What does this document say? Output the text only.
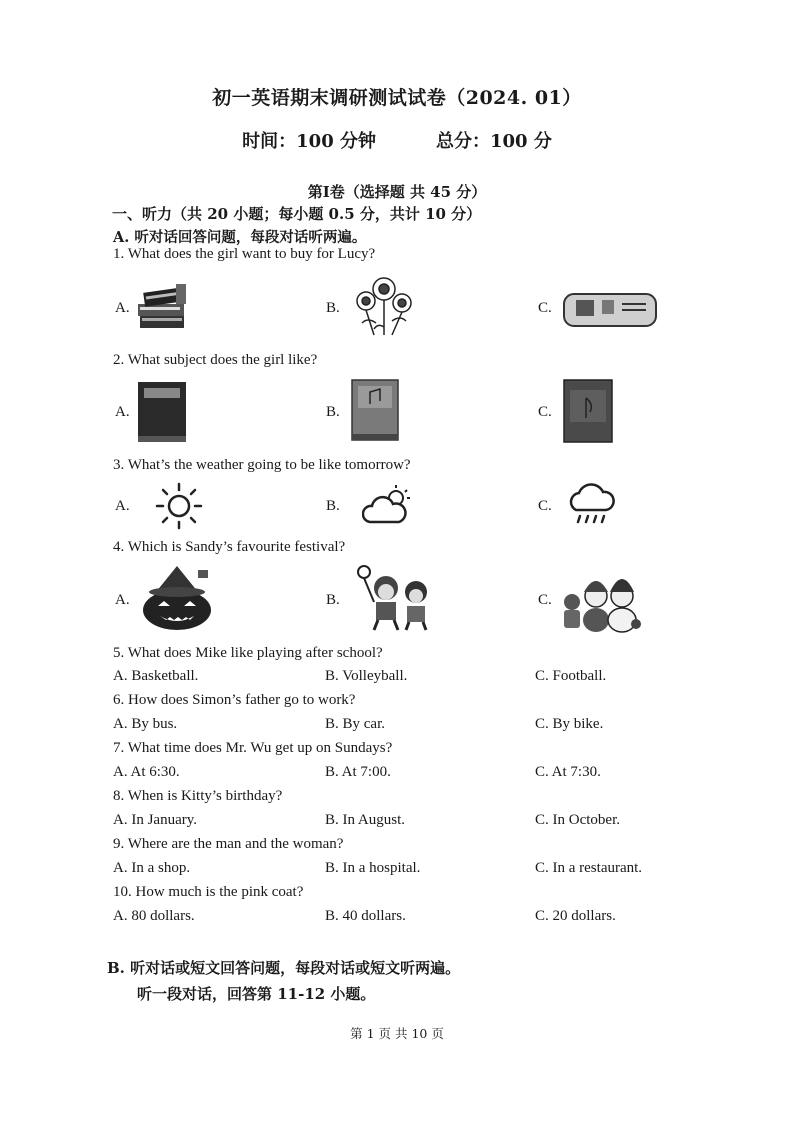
初一英语期末调研测试试卷（2024. 01）
时间：100 分钟	总分：100 分
第Ⅰ卷（选择题 共 45 分）
一、听力（共 20 小题；每小题 0.5 分，共计 10 分）
A. 听对话回答问题，每段对话听两遍。
1. What does the girl want to buy for Lucy?
A.	B.	C.
2. What subject does the girl like?
A.	B.	C.
3. What’s the weather going to be like tomorrow?
A.	B.	C.
4. Which is Sandy’s favourite festival?
A.	B.	C.
5. What does Mike like playing after school?
A. Basketball.	B. Volleyball.	C. Football.
6. How does Simon’s father go to work?
A. By bus.	B. By car.	C. By bike.
7. What time does Mr. Wu get up on Sundays?
A. At 6:30.	B. At 7:00.	C. At 7:30.
8. When is Kitty’s birthday?
A. In January.	B. In August.	C. In October.
9. Where are the man and the woman?
A. In a shop.	B. In a hospital.	C. In a restaurant.
10. How much is the pink coat?
A. 80 dollars.	B. 40 dollars.	C. 20 dollars.
B. 听对话或短文回答问题，每段对话或短文听两遍。
听一段对话，回答第 11-12 小题。
第 1 页 共 10 页
